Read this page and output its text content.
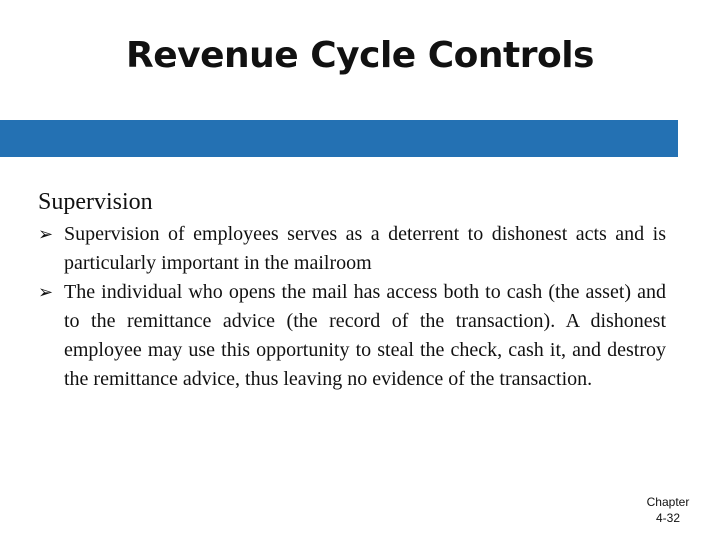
Revenue Cycle Controls
Supervision
➢ Supervision of employees serves as a deterrent to dishonest acts and is particularly important in the mailroom
➢ The individual who opens the mail has access both to cash (the asset) and to the remittance advice (the record of the transaction). A dishonest employee may use this opportunity to steal the check, cash it, and destroy the remittance advice, thus leaving no evidence of the transaction.
Chapter
4-32
